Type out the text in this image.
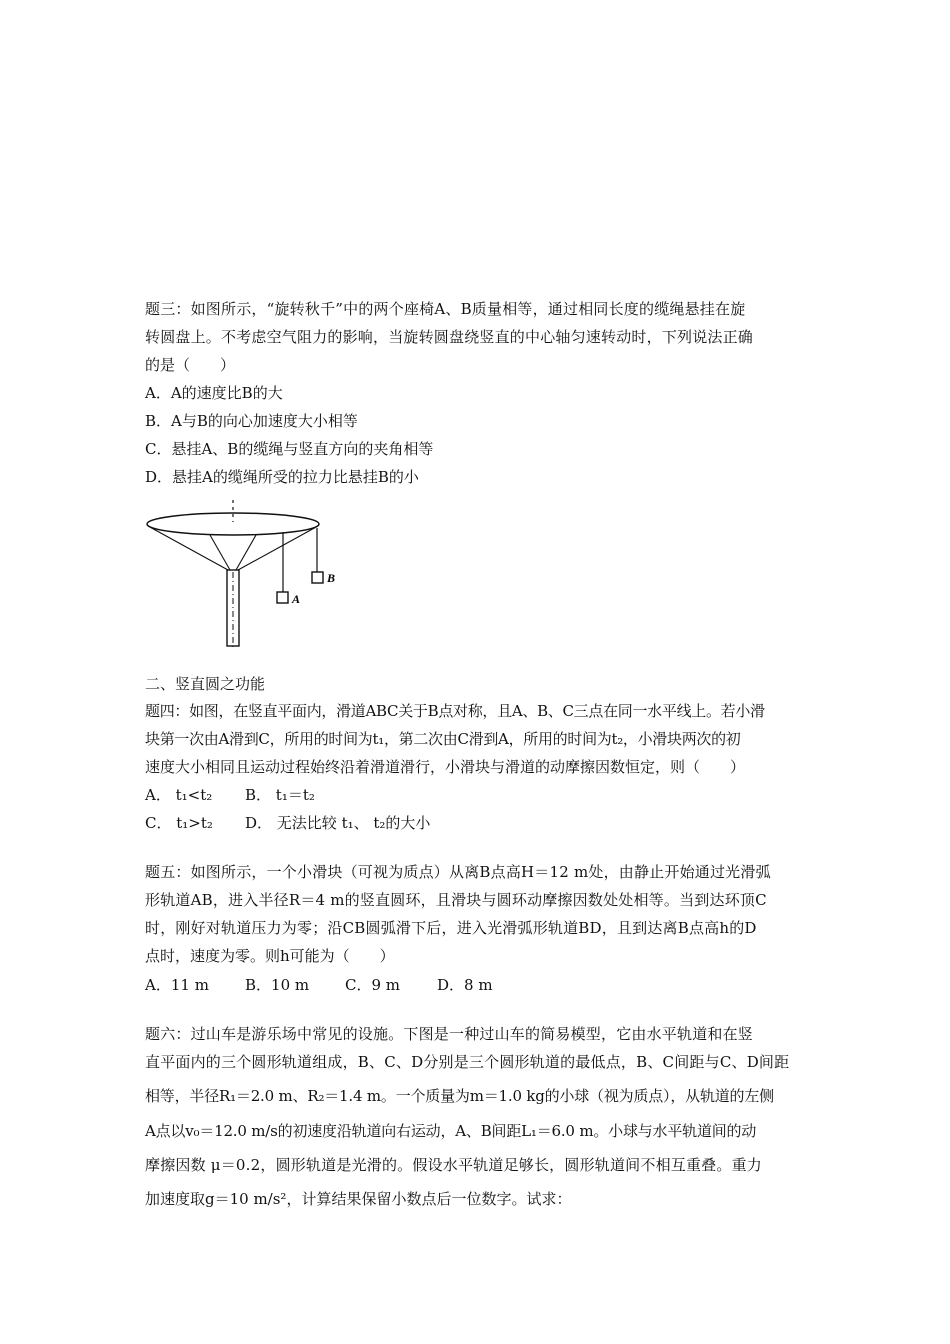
题三：如图所示，“旋转秋千”中的两个座椅A、B质量相等，通过相同长度的缆绳悬挂在旋
转圆盘上。不考虑空气阻力的影响，当旋转圆盘绕竖直的中心轴匀速转动时，下列说法正确
的是（　　）
A．A的速度比B的大
B．A与B的向心加速度大小相等
C．悬挂A、B的缆绳与竖直方向的夹角相等
D．悬挂A的缆绳所受的拉力比悬挂B的小
A
B
二、竖直圆之功能
题四：如图，在竖直平面内，滑道ABC关于B点对称，且A、B、C三点在同一水平线上。若小滑
块第一次由A滑到C，所用的时间为t₁，第二次由C滑到A，所用的时间为t₂，小滑块两次的初
速度大小相同且运动过程始终沿着滑道滑行，小滑块与滑道的动摩擦因数恒定，则（　　）
A． t₁<t₂ B． t₁＝t₂
C． t₁>t₂ D． 无法比较 t₁、 t₂的大小
题五：如图所示，一个小滑块（可视为质点）从离B点高H＝12 m处，由静止开始通过光滑弧
形轨道AB，进入半径R＝4 m的竖直圆环，且滑块与圆环动摩擦因数处处相等。当到达环顶C
时，刚好对轨道压力为零；沿CB圆弧滑下后，进入光滑弧形轨道BD，且到达离B点高h的D
点时，速度为零。则h可能为（　　）
A．11 m B．10 m C．9 m D．8 m
题六：过山车是游乐场中常见的设施。下图是一种过山车的简易模型，它由水平轨道和在竖
直平面内的三个圆形轨道组成，B、C、D分别是三个圆形轨道的最低点，B、C间距与C、D间距
相等，半径R₁＝2.0 m、R₂＝1.4 m。一个质量为m＝1.0 kg的小球（视为质点），从轨道的左侧
A点以v₀＝12.0 m/s的初速度沿轨道向右运动，A、B间距L₁＝6.0 m。小球与水平轨道间的动
摩擦因数 μ＝0.2，圆形轨道是光滑的。假设水平轨道足够长，圆形轨道间不相互重叠。重力
加速度取g＝10 m/s²，计算结果保留小数点后一位数字。试求：
